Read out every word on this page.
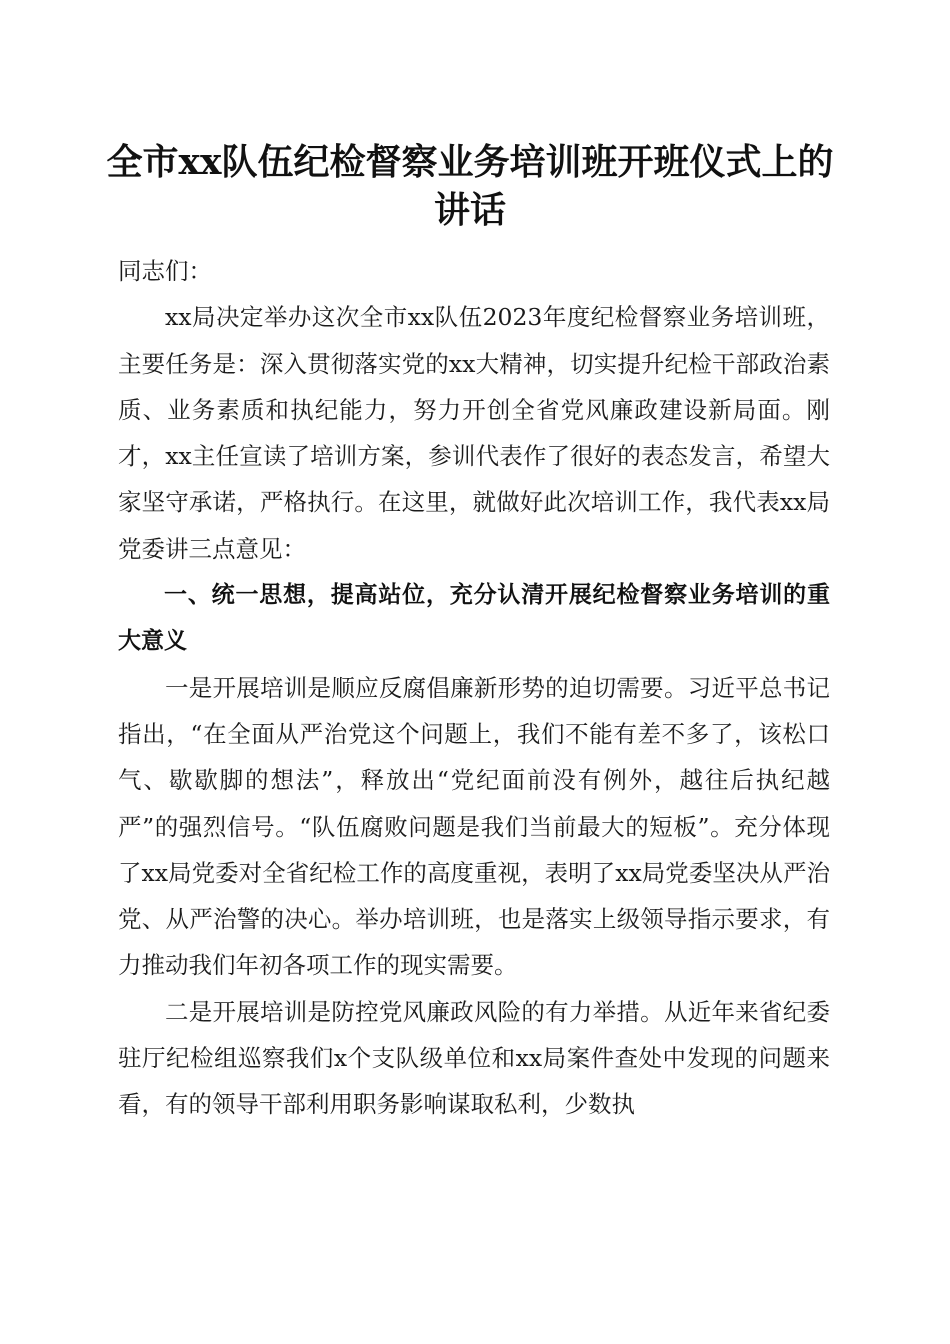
全市xx队伍纪检督察业务培训班开班仪式上的讲话

同志们：

xx局决定举办这次全市xx队伍2023年度纪检督察业务培训班，主要任务是：深入贯彻落实党的xx大精神，切实提升纪检干部政治素质、业务素质和执纪能力，努力开创全省党风廉政建设新局面。刚才，xx主任宣读了培训方案，参训代表作了很好的表态发言，希望大家坚守承诺，严格执行。在这里，就做好此次培训工作，我代表xx局党委讲三点意见：

一、统一思想，提高站位，充分认清开展纪检督察业务培训的重大意义

一是开展培训是顺应反腐倡廉新形势的迫切需要。习近平总书记指出，“在全面从严治党这个问题上，我们不能有差不多了，该松口气、歇歇脚的想法”，释放出“党纪面前没有例外，越往后执纪越严”的强烈信号。“队伍腐败问题是我们当前最大的短板”。充分体现了xx局党委对全省纪检工作的高度重视，表明了xx局党委坚决从严治党、从严治警的决心。举办培训班，也是落实上级领导指示要求，有力推动我们年初各项工作的现实需要。

二是开展培训是防控党风廉政风险的有力举措。从近年来省纪委驻厅纪检组巡察我们x个支队级单位和xx局案件查处中发现的问题来看，有的领导干部利用职务影响谋取私利，少数执
